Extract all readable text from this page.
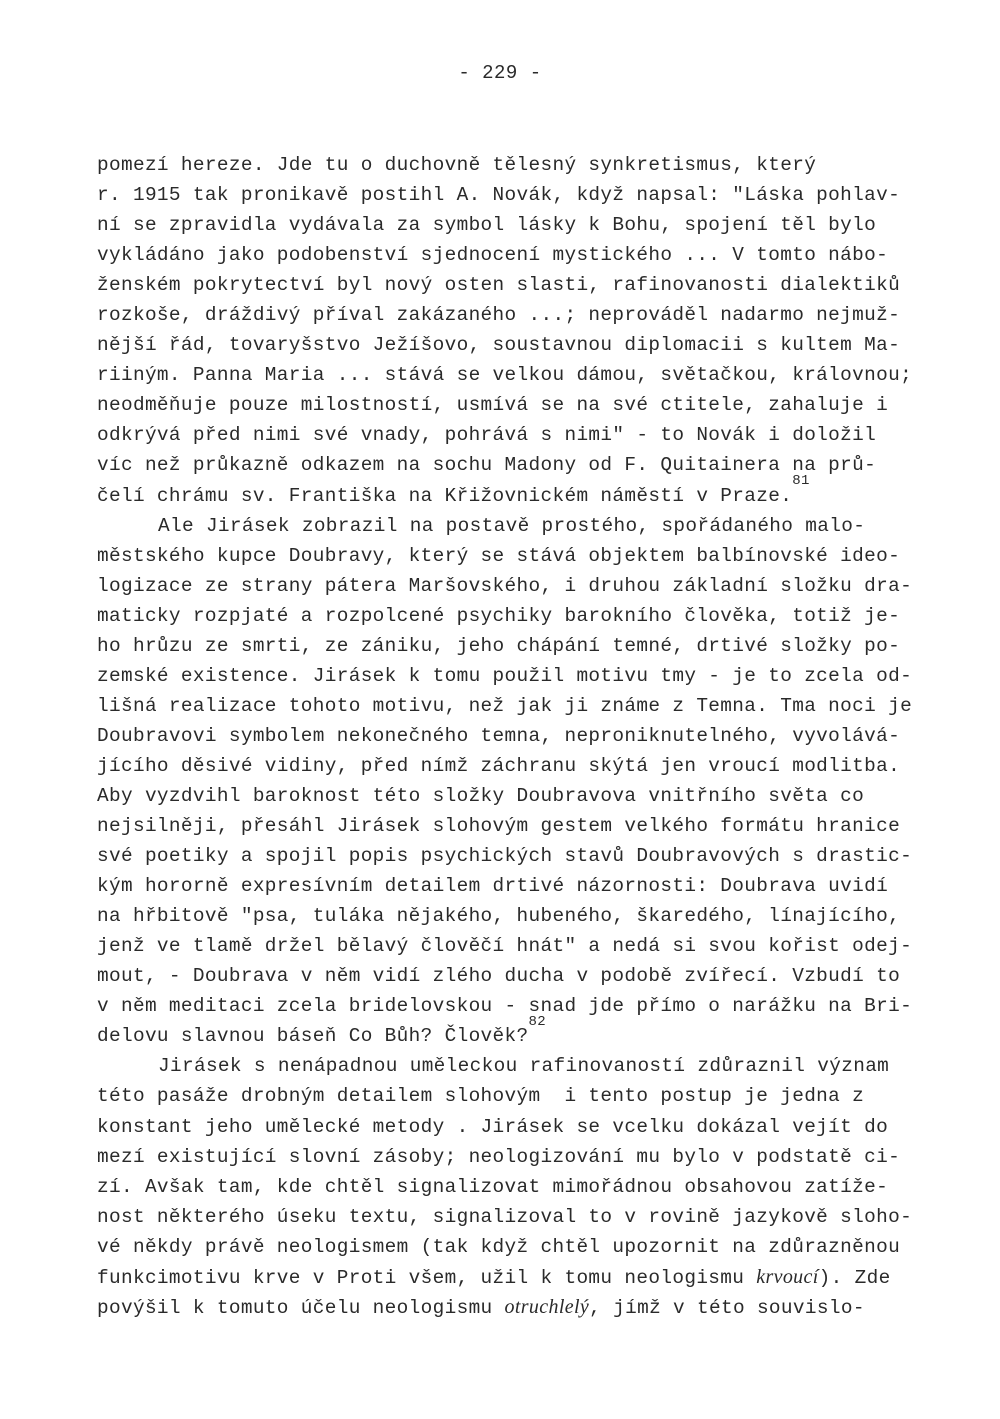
- 229 -
pomezí hereze. Jde tu o duchovně tělesný synkretismus, který
r. 1915 tak pronikavě postihl A. Novák, když napsal: "Láska pohlav-
ní se zpravidla vydávala za symbol lásky k Bohu, spojení těl bylo
vykládáno jako podobenství sjednocení mystického ... V tomto nábo-
ženském pokrytectví byl nový osten slasti, rafinovanosti dialektiků
rozkoše, dráždivý příval zakázaného ...; neprováděl nadarmo nejmuž-
nější řád, tovaryšstvo Ježíšovo, soustavnou diplomacii s kultem Ma-
riiným. Panna Maria ... stává se velkou dámou, světačkou, královnou;
neodměňuje pouze milostností, usmívá se na své ctitele, zahaluje i
odkrývá před nimi své vnady, pohrává s nimi" - to Novák i doložil
víc než průkazně odkazem na sochu Madony od F. Quitainera na prů-
čelí chrámu sv. Františka na Křižovnickém náměstí v Praze.$^{81}$
Ale Jirásek zobrazil na postavě prostého, spořádaného malo-
městského kupce Doubravy, který se stává objektem balbínovské ideo-
logizace ze strany pátera Maršovského, i druhou základní složku dra-
maticky rozpjaté a rozpolcené psychiky barokního člověka, totiž je-
ho hrůzu ze smrti, ze zániku, jeho chápání temné, drtivé složky po-
zemské existence. Jirásek k tomu použil motivu tmy - je to zcela od-
lišná realizace tohoto motivu, než jak ji známe z Temna. Tma noci je
Doubravovi symbolem nekonečného temna, neproniknutelného, vyvolává-
jícího děsivé vidiny, před nímž záchranu skýtá jen vroucí modlitba.
Aby vyzdvihl baroknost této složky Doubravova vnitřního světa co
nejsilněji, přesáhl Jirásek slohovým gestem velkého formátu hranice
své poetiky a spojil popis psychických stavů Doubravových s drastic-
kým hororně expresívním detailem drtivé názornosti: Doubrava uvidí
na hřbitově "psa, tuláka nějakého, hubeného, škaredého, línajícího,
jenž ve tlamě držel bělavý člověčí hnát" a nedá si svou kořist odej-
mout, - Doubrava v něm vidí zlého ducha v podobě zvířecí. Vzbudí to
v něm meditaci zcela bridelovskou - snad jde přímo o narážku na Bri-
delovu slavnou báseň Co Bůh? Člověk?$^{82}$
Jirásek s nenápadnou uměleckou rafinovaností zdůraznil význam
této pasáže drobným detailem slohovým  i tento postup je jedna z
konstant jeho umělecké metody . Jirásek se vcelku dokázal vejít do
mezí existující slovní zásoby; neologizování mu bylo v podstatě ci-
zí. Avšak tam, kde chtěl signalizovat mimořádnou obsahovou zatíže-
nost některého úseku textu, signalizoval to v rovině jazykově sloho-
vé někdy právě neologismem (tak když chtěl upozornit na zdůrazněnou
funkcimotivu krve v Proti všem, užil k tomu neologismu krvoucí). Zde
povýšil k tomuto účelu neologismu otruchlelý, jímž v této souvislo-
